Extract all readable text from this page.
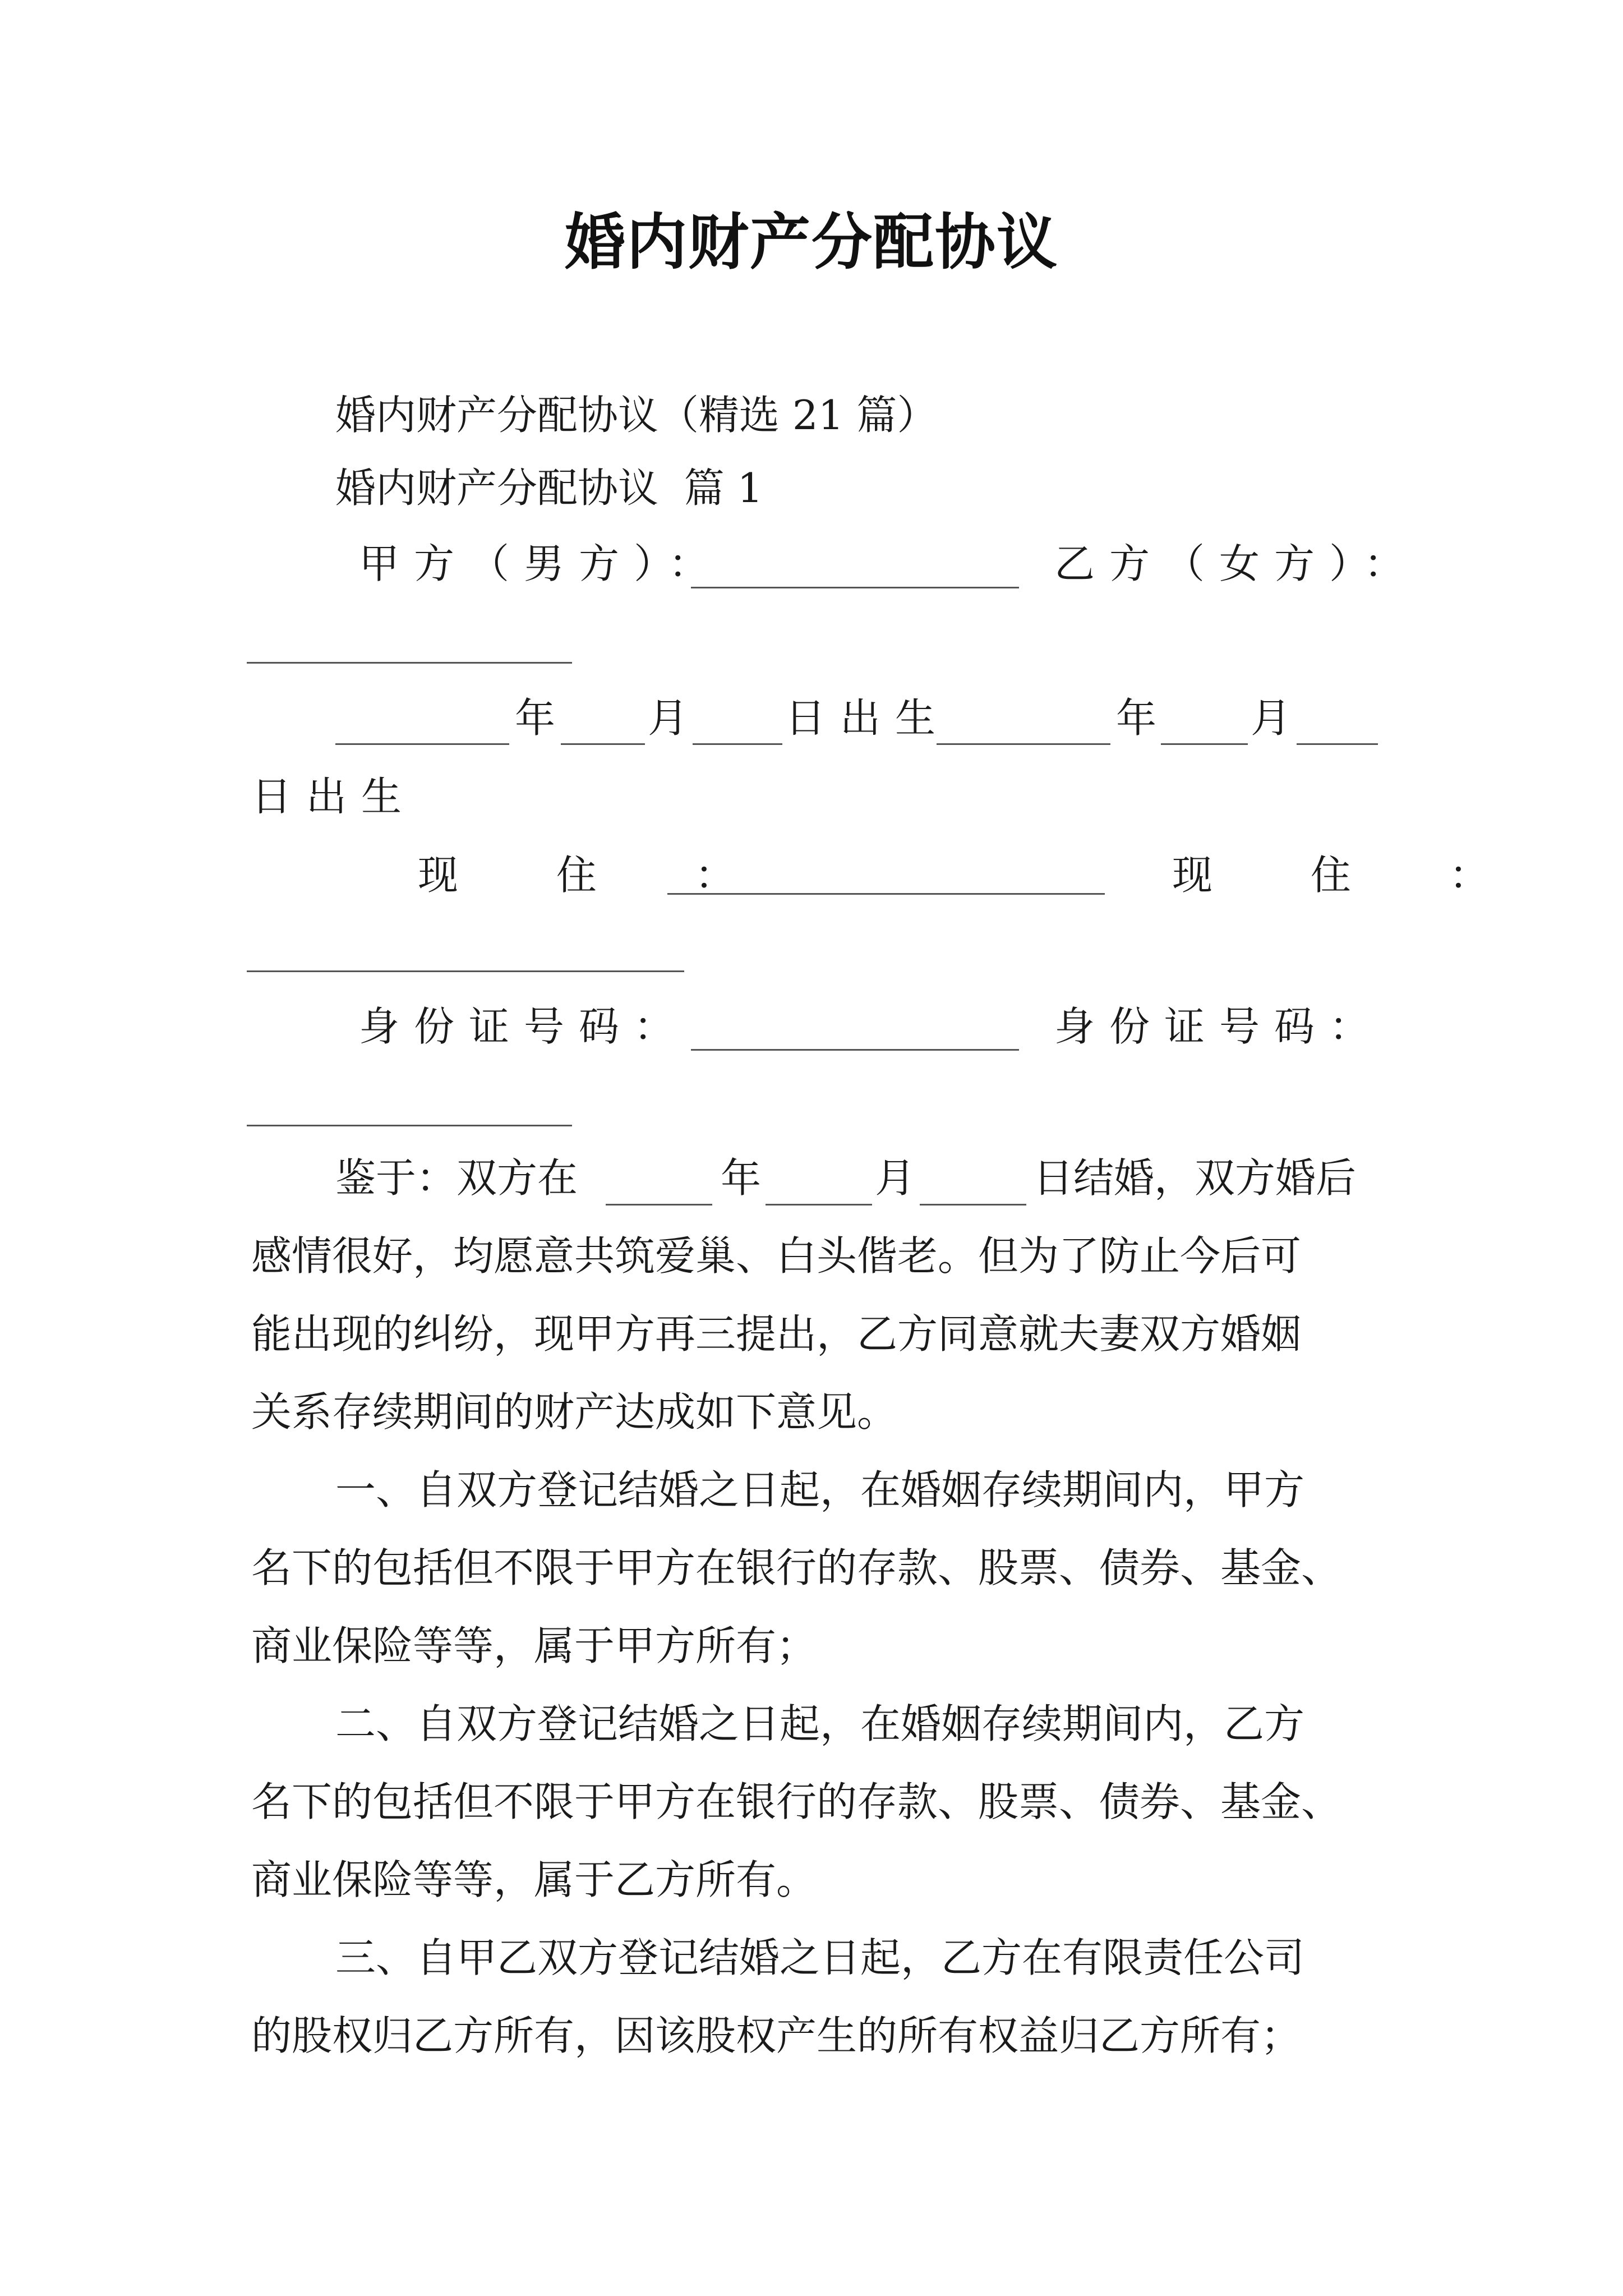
婚内财产分配协议
婚内财产分配协议（精选 21 篇）
婚内财产分配协议  篇 1
甲方（男方）：	乙方（女方）：
年 月 日出生	年 月
日出生
现 住 ：	现 住 ：
身份证号码：	身份证号码：
鉴于：双方在	年	月	日结婚，双方婚后
感情很好，均愿意共筑爱巢、白头偕老。但为了防止今后可
能出现的纠纷，现甲方再三提出，乙方同意就夫妻双方婚姻
关系存续期间的财产达成如下意见。
一、自双方登记结婚之日起，在婚姻存续期间内，甲方
名下的包括但不限于甲方在银行的存款、股票、债券、基金、
商业保险等等，属于甲方所有；
二、自双方登记结婚之日起，在婚姻存续期间内，乙方
名下的包括但不限于甲方在银行的存款、股票、债券、基金、
商业保险等等，属于乙方所有。
三、自甲乙双方登记结婚之日起，乙方在有限责任公司
的股权归乙方所有，因该股权产生的所有权益归乙方所有；
